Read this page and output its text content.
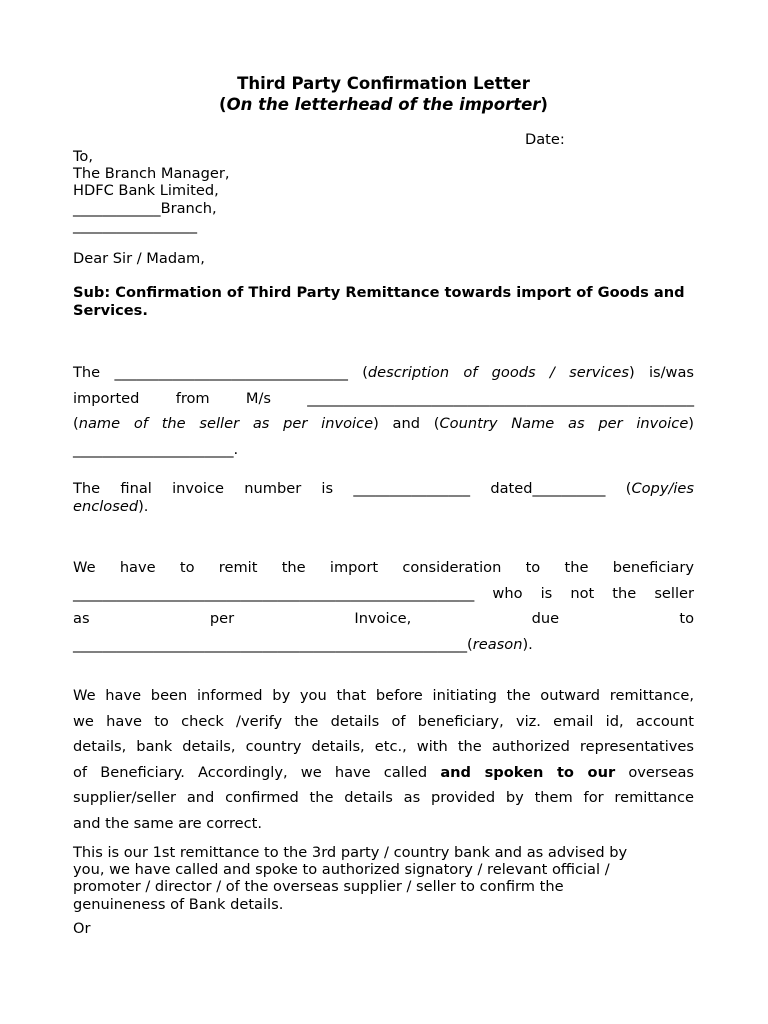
Third Party Confirmation Letter
(On the letterhead of the importer)
Date:
To,
The Branch Manager,
HDFC Bank Limited,
____________Branch,
_________________
Dear Sir / Madam,
Sub: Confirmation of Third Party Remittance towards import of Goods and Services.
The ________________________________ (description of goods / services) is/was
imported from M/s _____________________________________________________
(name of the seller as per invoice) and (Country Name as per invoice)
______________________.
The final invoice number is ________________ dated__________ (Copy/ies
enclosed).
We have to remit the import consideration to the beneficiary
_______________________________________________________ who is not the seller
as	per	Invoice,	due	to
______________________________________________________(reason).
We have been informed by you that before initiating the outward remittance,
we have to check /verify the details of beneficiary, viz. email id, account
details, bank details, country details, etc., with the authorized representatives
of Beneficiary. Accordingly, we have called and spoken to our overseas
supplier/seller and confirmed the details as provided by them for remittance
and the same are correct.
This is our 1st remittance to the 3rd party / country bank and as advised by
you, we have called and spoke to authorized signatory / relevant official /
promoter / director / of the overseas supplier / seller to confirm the
genuineness of Bank details.
Or
